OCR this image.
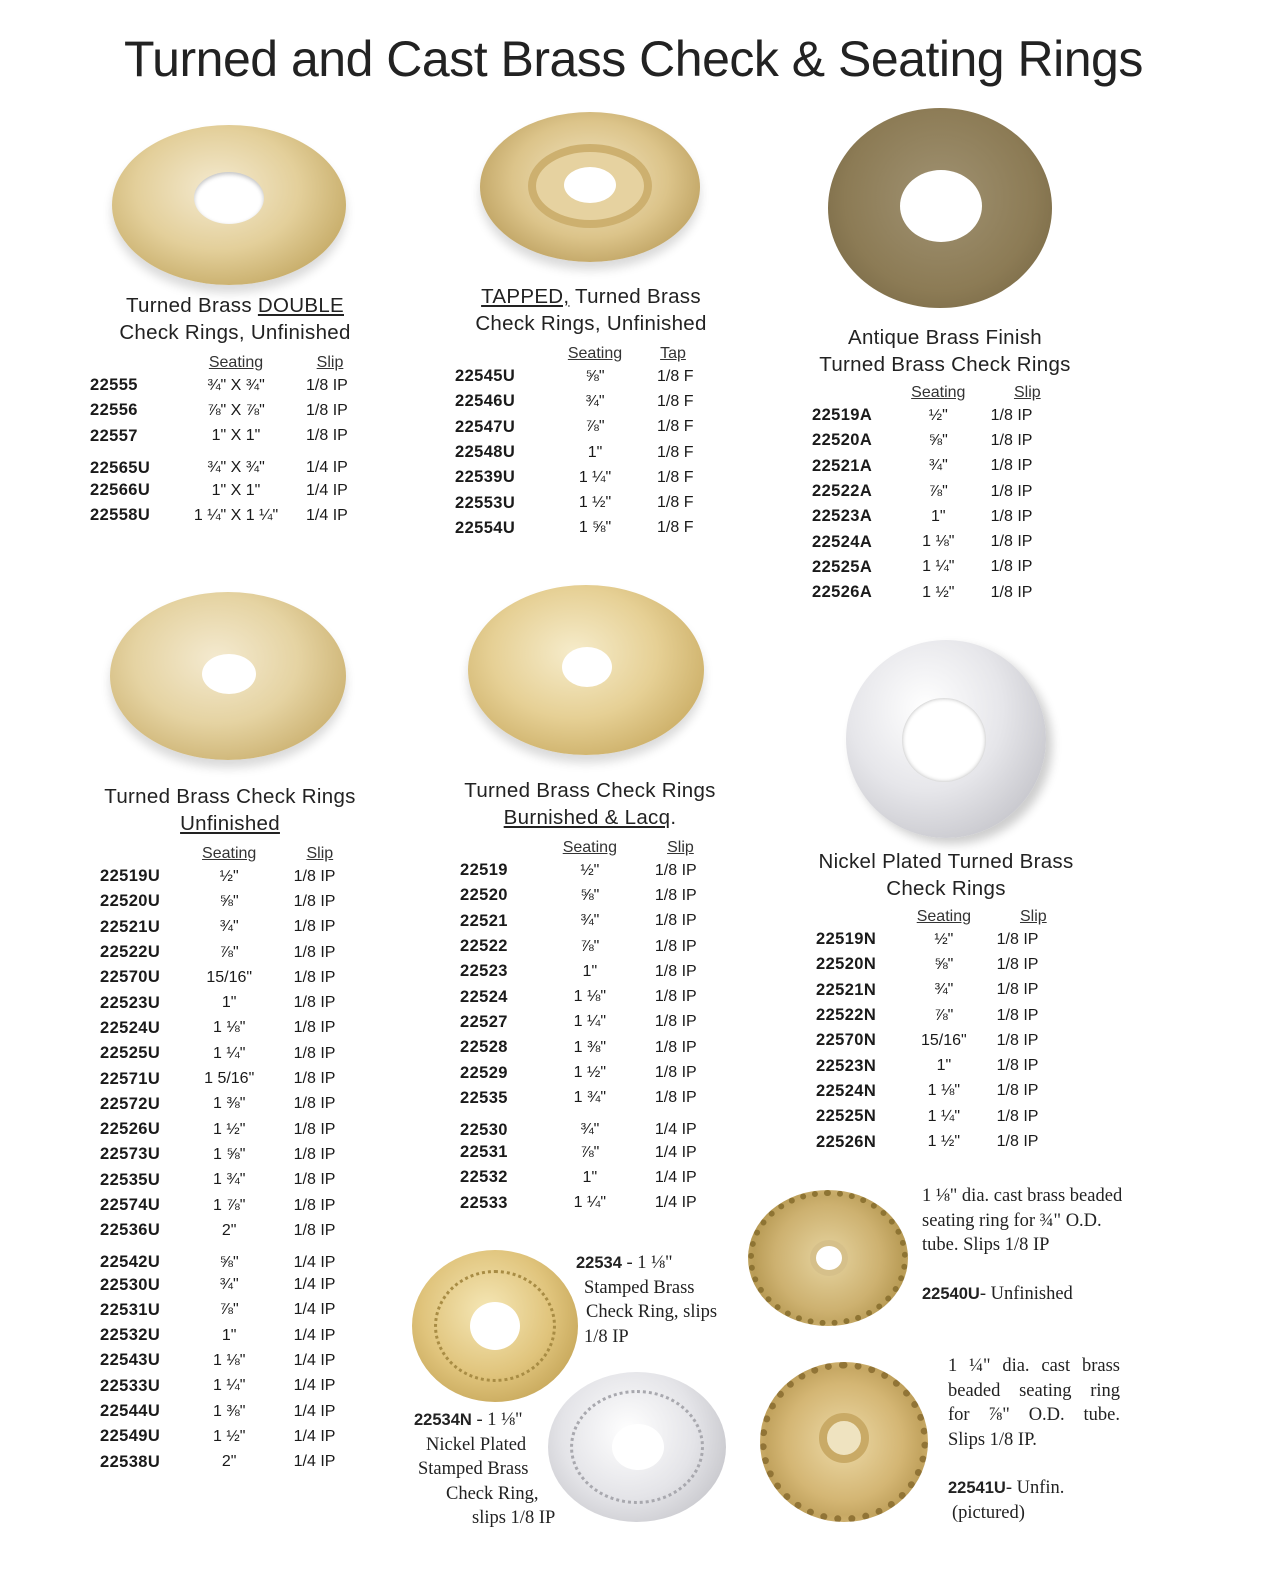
Turned and Cast Brass Check & Seating Rings
Turned Brass DOUBLE
Check Rings, Unfinished
	Seating	Slip
22555	¾" X ¾"	1/8 IP
22556	⅞" X ⅞"	1/8 IP
22557	1" X 1"	1/8 IP
22565U	¾" X ¾"	1/4 IP
22566U	1" X 1"	1/4 IP
22558U	1 ¼" X 1 ¼"	1/4 IP
TAPPED, Turned Brass
Check Rings, Unfinished
	Seating	Tap
22545U	⅝"	1/8 F
22546U	¾"	1/8 F
22547U	⅞"	1/8 F
22548U	1"	1/8 F
22539U	1 ¼"	1/8 F
22553U	1 ½"	1/8 F
22554U	1 ⅝"	1/8 F
Antique Brass Finish
Turned Brass Check Rings
	Seating	Slip
22519A	½"	1/8 IP
22520A	⅝"	1/8 IP
22521A	¾"	1/8 IP
22522A	⅞"	1/8 IP
22523A	1"	1/8 IP
22524A	1 ⅛"	1/8 IP
22525A	1 ¼"	1/8 IP
22526A	1 ½"	1/8 IP
Turned Brass Check Rings
Unfinished
	Seating	Slip
22519U	½"	1/8 IP
22520U	⅝"	1/8 IP
22521U	¾"	1/8 IP
22522U	⅞"	1/8 IP
22570U	15/16"	1/8 IP
22523U	1"	1/8 IP
22524U	1 ⅛"	1/8 IP
22525U	1 ¼"	1/8 IP
22571U	1 5/16"	1/8 IP
22572U	1 ⅜"	1/8 IP
22526U	1 ½"	1/8 IP
22573U	1 ⅝"	1/8 IP
22535U	1 ¾"	1/8 IP
22574U	1 ⅞"	1/8 IP
22536U	2"	1/8 IP
22542U	⅝"	1/4 IP
22530U	¾"	1/4 IP
22531U	⅞"	1/4 IP
22532U	1"	1/4 IP
22543U	1 ⅛"	1/4 IP
22533U	1 ¼"	1/4 IP
22544U	1 ⅜"	1/4 IP
22549U	1 ½"	1/4 IP
22538U	2"	1/4 IP
Turned Brass Check Rings
Burnished & Lacq.
	Seating	Slip
22519	½"	1/8 IP
22520	⅝"	1/8 IP
22521	¾"	1/8 IP
22522	⅞"	1/8 IP
22523	1"	1/8 IP
22524	1 ⅛"	1/8 IP
22527	1 ¼"	1/8 IP
22528	1 ⅜"	1/8 IP
22529	1 ½"	1/8 IP
22535	1 ¾"	1/8 IP
22530	¾"	1/4 IP
22531	⅞"	1/4 IP
22532	1"	1/4 IP
22533	1 ¼"	1/4 IP
Nickel Plated Turned Brass
Check Rings
	Seating	Slip
22519N	½"	1/8 IP
22520N	⅝"	1/8 IP
22521N	¾"	1/8 IP
22522N	⅞"	1/8 IP
22570N	15/16"	1/8 IP
22523N	1"	1/8 IP
22524N	1 ⅛"	1/8 IP
22525N	1 ¼"	1/8 IP
22526N	1 ½"	1/8 IP
22534 - 1 ⅛"
Stamped Brass
Check Ring, slips
1/8 IP
22534N - 1 ⅛"
Nickel Plated
Stamped Brass
Check Ring,
slips 1/8 IP
1 ⅛" dia. cast brass beaded
seating ring for ¾" O.D.
tube. Slips 1/8 IP
22540U- Unfinished
1 ¼" dia. cast brass
beaded seating ring
for ⅞" O.D. tube.
Slips 1/8 IP.
22541U- Unfin.
(pictured)
